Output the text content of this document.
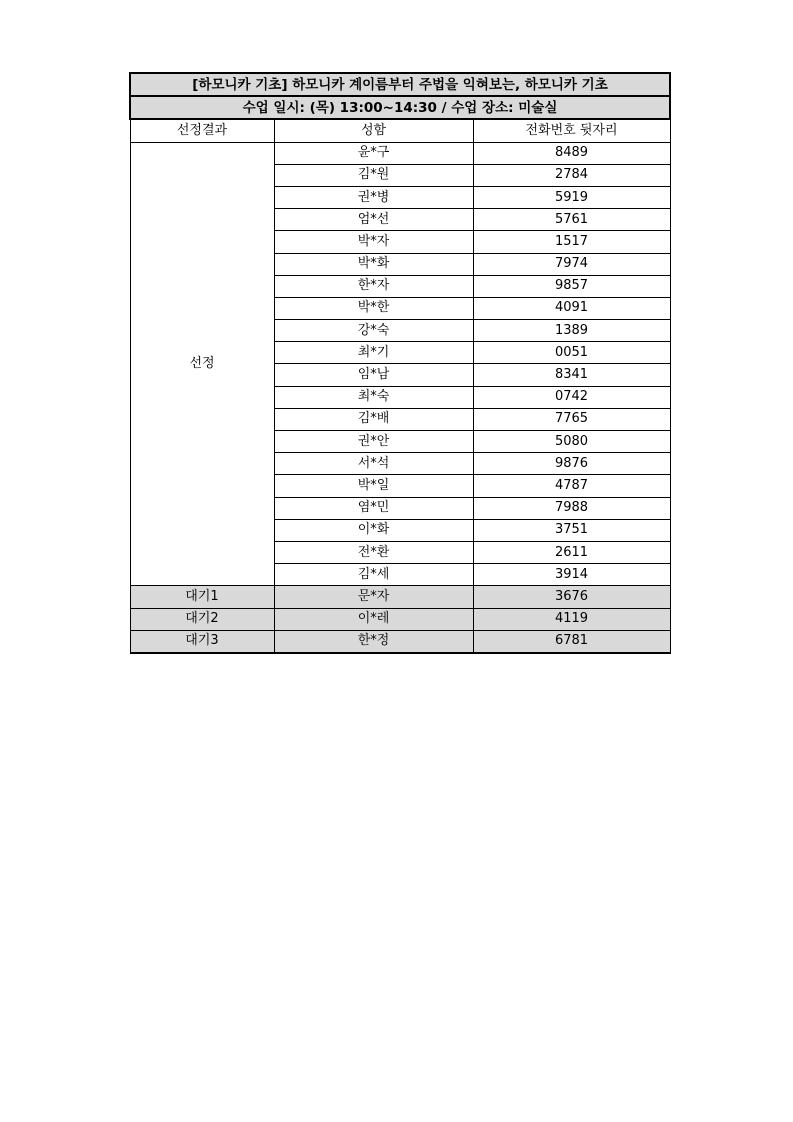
[하모니카 기초] 하모니카 계이름부터 주법을 익혀보는, 하모니카 기초		
수업 일시: (목) 13:00~14:30 / 수업 장소: 미술실		
선정결과	성함	전화번호 뒷자리
선정	윤*구	8489
	김*원	2784
	권*병	5919
	엄*선	5761
	박*자	1517
	박*화	7974
	한*자	9857
	박*한	4091
	강*숙	1389
	최*기	0051
	임*남	8341
	최*숙	0742
	김*배	7765
	권*안	5080
	서*석	9876
	박*일	4787
	염*민	7988
	이*화	3751
	전*환	2611
	김*세	3914
대기1	문*자	3676
대기2	이*레	4119
대기3	한*정	6781
